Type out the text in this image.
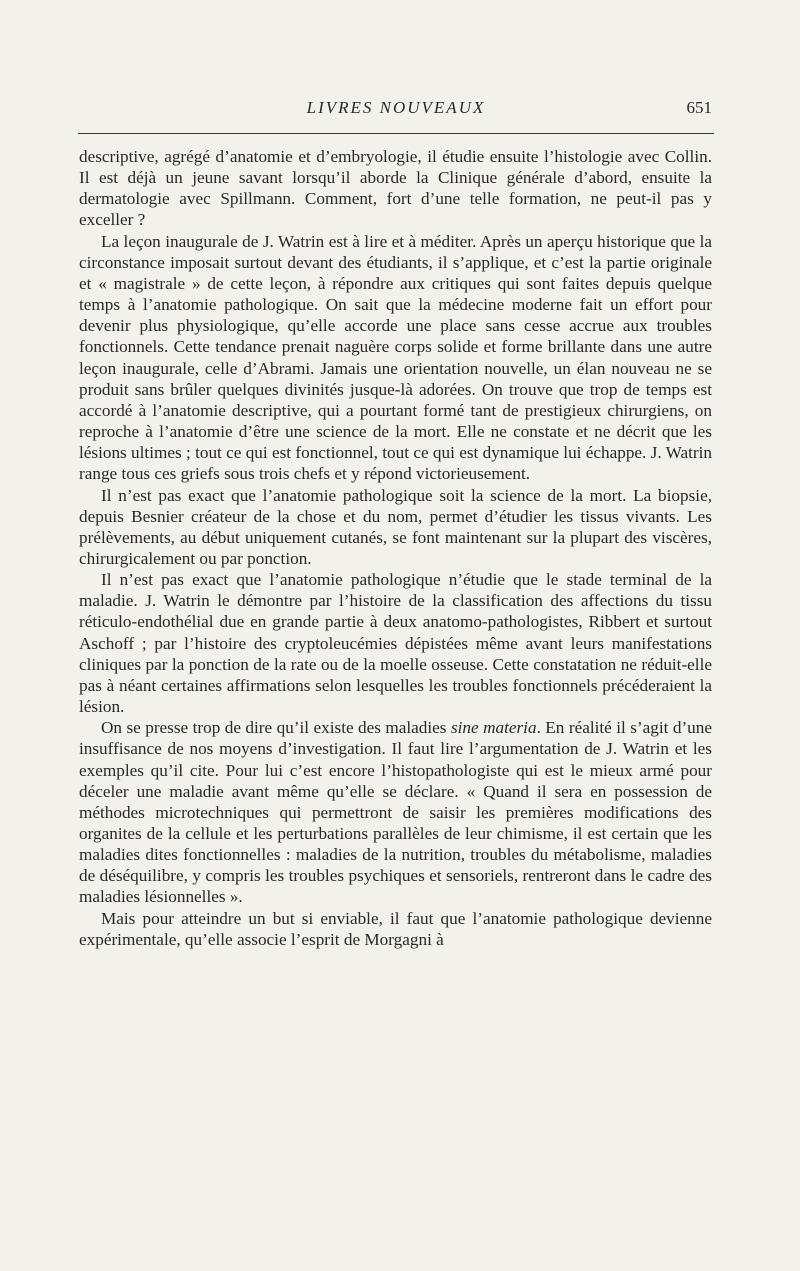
LIVRES NOUVEAUX	651

descriptive, agrégé d’anatomie et d’embryologie, il étudie ensuite l’histologie avec Collin. Il est déjà un jeune savant lorsqu’il aborde la Clinique générale d’abord, ensuite la dermatologie avec Spillmann. Comment, fort d’une telle formation, ne peut-il pas y exceller ?

La leçon inaugurale de J. Watrin est à lire et à méditer. Après un aperçu historique que la circonstance imposait surtout devant des étudiants, il s’applique, et c’est la partie originale et « magistrale » de cette leçon, à répondre aux critiques qui sont faites depuis quelque temps à l’anatomie pathologique. On sait que la médecine moderne fait un effort pour devenir plus physiologique, qu’elle accorde une place sans cesse accrue aux troubles fonctionnels. Cette tendance prenait naguère corps solide et forme brillante dans une autre leçon inaugurale, celle d’Abrami. Jamais une orientation nouvelle, un élan nouveau ne se produit sans brûler quelques divinités jusque-là adorées. On trouve que trop de temps est accordé à l’anatomie descriptive, qui a pourtant formé tant de prestigieux chirurgiens, on reproche à l’anatomie d’être une science de la mort. Elle ne constate et ne décrit que les lésions ultimes ; tout ce qui est fonctionnel, tout ce qui est dynamique lui échappe. J. Watrin range tous ces griefs sous trois chefs et y répond victorieusement.

Il n’est pas exact que l’anatomie pathologique soit la science de la mort. La biopsie, depuis Besnier créateur de la chose et du nom, permet d’étudier les tissus vivants. Les prélèvements, au début uniquement cutanés, se font maintenant sur la plupart des viscères, chirurgicalement ou par ponction.

Il n’est pas exact que l’anatomie pathologique n’étudie que le stade terminal de la maladie. J. Watrin le démontre par l’histoire de la classification des affections du tissu réticulo-endothélial due en grande partie à deux anatomo-pathologistes, Ribbert et surtout Aschoff ; par l’histoire des cryptoleucémies dépistées même avant leurs manifestations cliniques par la ponction de la rate ou de la moelle osseuse. Cette constatation ne réduit-elle pas à néant certaines affirmations selon lesquelles les troubles fonctionnels précéderaient la lésion.

On se presse trop de dire qu’il existe des maladies sine materia. En réalité il s’agit d’une insuffisance de nos moyens d’investigation. Il faut lire l’argumentation de J. Watrin et les exemples qu’il cite. Pour lui c’est encore l’histopathologiste qui est le mieux armé pour déceler une maladie avant même qu’elle se déclare. « Quand il sera en possession de méthodes microtechniques qui permettront de saisir les premières modifications des organites de la cellule et les perturbations parallèles de leur chimisme, il est certain que les maladies dites fonctionnelles : maladies de la nutrition, troubles du métabolisme, maladies de déséquilibre, y compris les troubles psychiques et sensoriels, rentreront dans le cadre des maladies lésionnelles ».

Mais pour atteindre un but si enviable, il faut que l’anatomie pathologique devienne expérimentale, qu’elle associe l’esprit de Morgagni à
